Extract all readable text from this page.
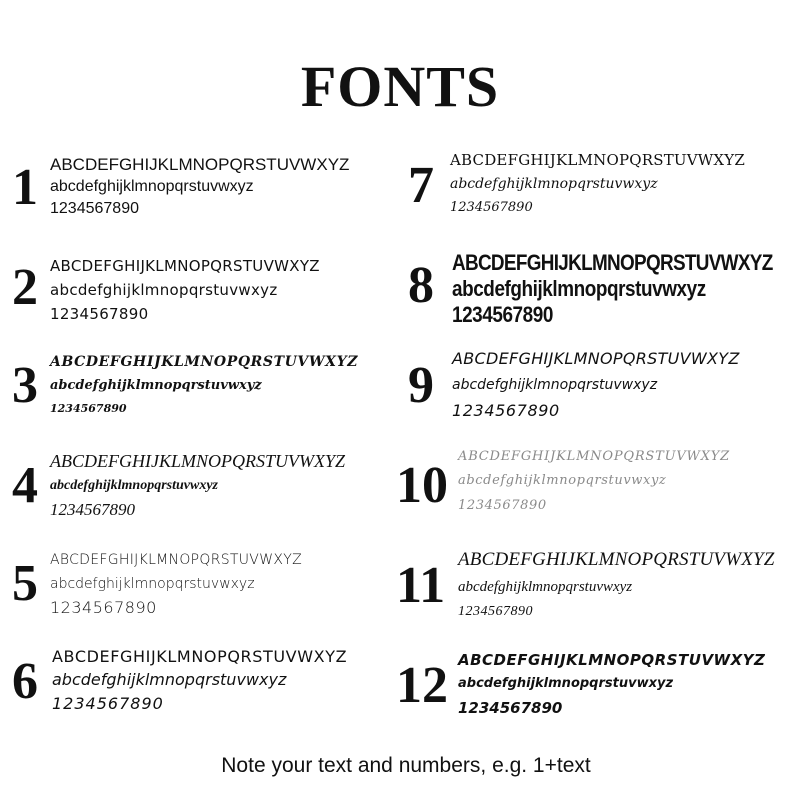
FONTS
1 ABCDEFGHIJKLMNOPQRSTUVWXYZ
abcdefghijklmnopqrstuvwxyz
1234567890
2 ABCDEFGHIJKLMNOPQRSTUVWXYZ
abcdefghijklmnopqrstuvwxyz
1234567890
3 ABCDEFGHIJKLMNOPQRSTUVWXYZ
abcdefghijklmnopqrstuvwxyz
1234567890
4 ABCDEFGHIJKLMNOPQRSTUVWXYZ
abcdefghijklmnopqrstuvwxyz
1234567890
5 ABCDEFGHIJKLMNOPQRSTUVWXYZ
abcdefghijklmnopqrstuvwxyz
1234567890
6 ABCDEFGHIJKLMNOPQRSTUVWXYZ
abcdefghijklmnopqrstuvwxyz
1234567890
7 ABCDEFGHIJKLMNOPQRSTUVWXYZ
abcdefghijklmnopqrstuvwxyz
1234567890
8 ABCDEFGHIJKLMNOPQRSTUVWXYZ
abcdefghijklmnopqrstuvwxyz
1234567890
9 ABCDEFGHIJKLMNOPQRSTUVWXYZ
abcdefghijklmnopqrstuvwxyz
1234567890
10
ABCDEFGHIJKLMNOPQRSTUVWXYZ
abcdefghijklmnopqrstuvwxyz
1234567890
11 ABCDEFGHIJKLMNOPQRSTUVWXYZ
abcdefghijklmnopqrstuvwxyz
1234567890
12 ABCDEFGHIJKLMNOPQRSTUVWXYZ
abcdefghijklmnopqrstuvwxyz
1234567890
Note your text and numbers, e.g. 1+text
